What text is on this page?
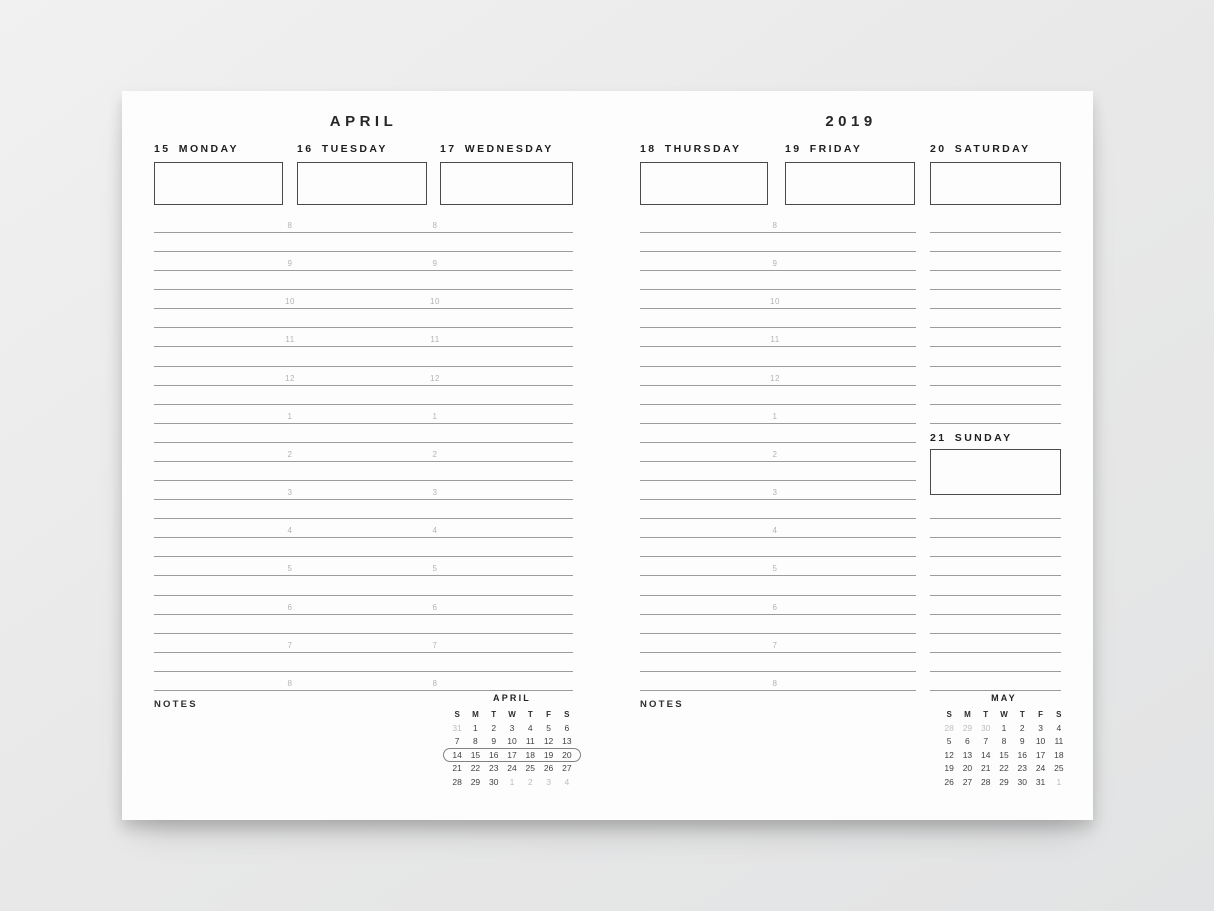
APRIL
15 MONDAY	16 TUESDAY	17 WEDNESDAY
8	8
9	9
10	10
11	11
12	12
1	1
2	2
3	3
4	4
5	5
6	6
7	7
8	8
NOTES
APRIL
S	M	T	W	T	F	S
31	1	2	3	4	5	6
7	8	9	10	11	12	13
14	15	16	17	18	19	20
21	22	23	24	25	26	27
28	29	30	1	2	3	4
2019
18 THURSDAY	19 FRIDAY	20 SATURDAY
8
9
10
11
12
1
2
3
4
5
6
7
8
21 SUNDAY
NOTES
MAY
S	M	T	W	T	F	S
28	29	30	1	2	3	4
5	6	7	8	9	10	11
12	13	14	15	16	17	18
19	20	21	22	23	24	25
26	27	28	29	30	31	1
